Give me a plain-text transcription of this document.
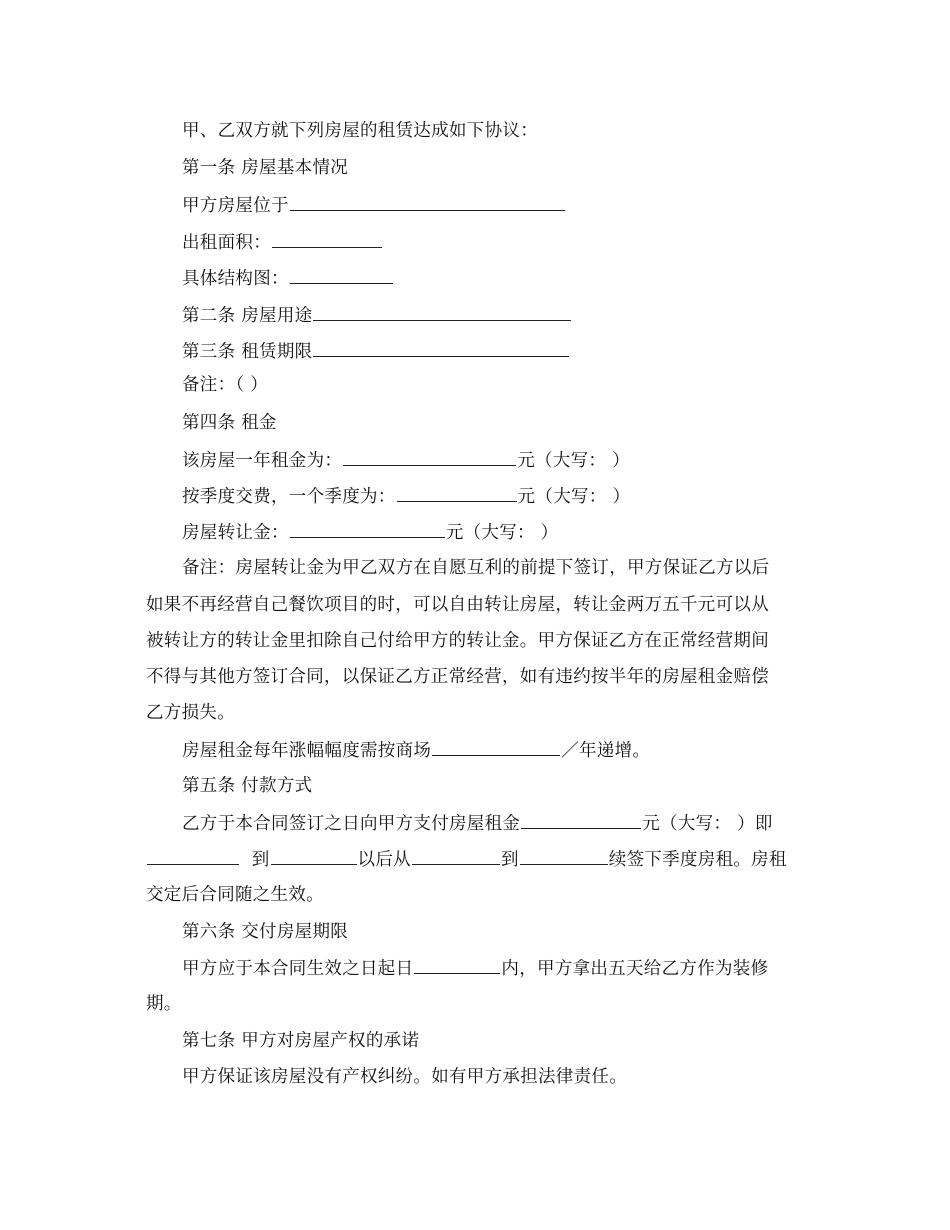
甲、乙双方就下列房屋的租赁达成如下协议：
第一条 房屋基本情况
甲方房屋位于
出租面积：
具体结构图：
第二条 房屋用途
第三条 租赁期限
备注：（ ）
第四条 租金
该房屋一年租金为：	元（大写： ）
按季度交费，一个季度为：	元（大写： ）
房屋转让金：	元（大写： ）
备注：房屋转让金为甲乙双方在自愿互利的前提下签订，甲方保证乙方以后
如果不再经营自己餐饮项目的时，可以自由转让房屋，转让金两万五千元可以从
被转让方的转让金里扣除自己付给甲方的转让金。甲方保证乙方在正常经营期间
不得与其他方签订合同，以保证乙方正常经营，如有违约按半年的房屋租金赔偿
乙方损失。
房屋租金每年涨幅幅度需按商场	／年递增。
第五条 付款方式
乙方于本合同签订之日向甲方支付房屋租金	元（大写： ）即
到	以后从	到	续签下季度房租。房租
交定后合同随之生效。
第六条 交付房屋期限
甲方应于本合同生效之日起日	内，甲方拿出五天给乙方作为装修
期。
第七条 甲方对房屋产权的承诺
甲方保证该房屋没有产权纠纷。如有甲方承担法律责任。
